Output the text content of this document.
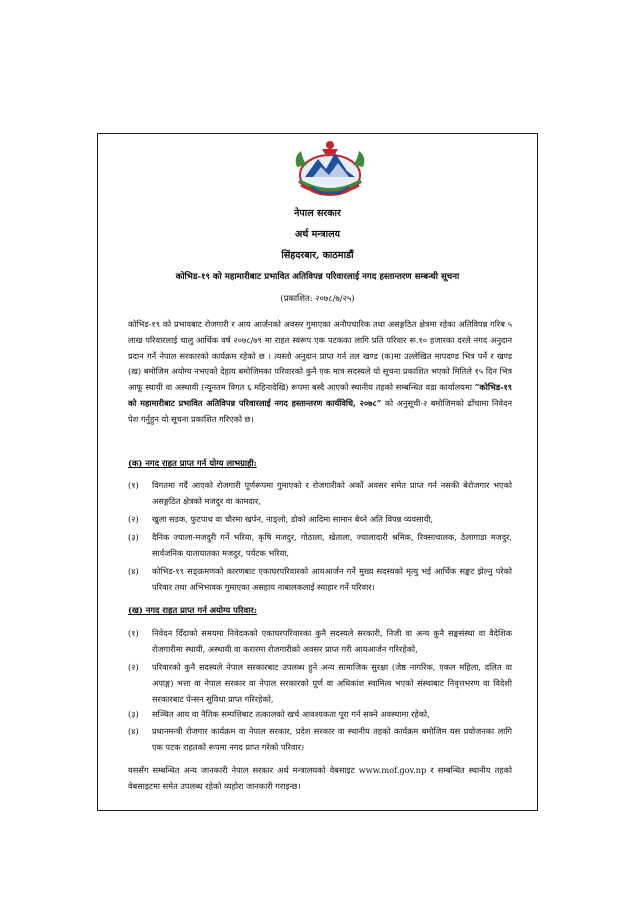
नेपाल सरकार
अर्थ मन्त्रालय
सिंहदरबार, काठमाडौं
कोभिड-१९ को महामारीबाट प्रभावित अतिविपन्न परिवारलाई नगद हस्तान्तरण सम्बन्धी सूचना
(प्रकाशित: २०७८/७/२५)

कोभिड-१९ को प्रभावबाट रोजगारी र आय आर्जनको अवसर गुमाएका अनौपचारिक तथा असङ्गठित क्षेत्रमा रहेका अतिविपन्न गरिब ५ लाख परिवारलाई चालु आर्थिक वर्ष २०७८/७९ मा राहत स्वरूप एक पटकका लागि प्रति परिवार रू.१० हजारका दरले नगद अनुदान प्रदान गर्ने नेपाल सरकारको कार्यक्रम रहेको छ । त्यस्तो अनुदान प्राप्त गर्न तल खण्ड (क)मा उल्लेखित मापदण्ड भित्र पर्ने र खण्ड (ख) बमोजिम अयोग्य नभएको देहाय बमोजिमका परिवारको कुनै एक मात्र सदस्यले यो सूचना प्रकाशित भएको मितिले १५ दिन भित्र आफू स्थायी वा अस्थायी (न्यूनतम विगत ६ महिनादेखि) रूपमा बस्दै आएको स्थानीय तहको सम्बन्धित वडा कार्यालयमा “कोभिड-१९ को महामारीबाट प्रभावित अतिविपन्न परिवारलाई नगद हस्तान्तरण कार्यविधि, २०७८” को अनुसूची-२ बमोजिमको ढाँचामा निवेदन पेश गर्नुहुन यो सूचना प्रकाशित गरिएको छ।

(क) नगद राहत प्राप्त गर्न योग्य लाभग्राही:
(१)	विगतमा गर्दै आएको रोजगारी पूर्णरूपमा गुमाएको र रोजगारीको अर्को अवसर समेत प्राप्त गर्न नसकी बेरोजगार भएको असङ्गठित क्षेत्रको मजदुर वा कामदार,
(२)	खुला सडक, फुटपाथ वा चौरमा खर्पन, नाङ्लो, डोको आदिमा सामान बेच्ने अति विपन्न व्यवसायी,
(३)	दैनिक ज्याला-मजदुरी गर्ने भरिया, कृषि मजदुर, गोठाला, खेताला, ज्यालादारी श्रमिक, रिक्साचालक, ठेलागाडा मजदुर, सार्वजनिक यातायातका मजदुर, पर्यटक भरिया,
(४)	कोभिड-१९ सङ्क्रमणको कारणबाट एकाघरपरिवारको आयआर्जन गर्ने मुख्य सदस्यको मृत्यु भई आर्थिक सङ्कट झेल्नु परेको परिवार तथा अभिभावक गुमाएका असहाय नाबालकलाई स्याहार गर्ने परिवार।
(ख) नगद राहत प्राप्त गर्न अयोग्य परिवार:
(१)	निवेदन दिँदाको समयमा निवेदकको एकाघरपरिवारका कुनै सदस्यले सरकारी, निजी वा अन्य कुनै सङ्घसंस्था वा वैदेशिक रोजगारीमा स्थायी, अस्थायी वा करारमा रोजगारीको अवसर प्राप्त गरी आयआर्जन गरिरहेको,
(२)	परिवारको कुनै सदस्यले नेपाल सरकारबाट उपलब्ध हुने अन्य सामाजिक सुरक्षा (जेष्ठ नागरिक, एकल महिला, दलित वा अपाङ्ग) भत्ता वा नेपाल सरकार वा नेपाल सरकारको पूर्ण वा अधिकांश स्वामित्व भएको संस्थाबाट निवृत्तभरण वा विदेशी सरकारबाट पेन्सन सुविधा प्राप्त गरिरहेको,
(३)	सञ्चित आय वा नैतिक सम्पत्तिबाट तत्कालको खर्च आवश्यकता पूरा गर्न सक्ने अवस्थामा रहेको,
(४)	प्रधानमन्त्री रोजगार कार्यक्रम वा नेपाल सरकार, प्रदेश सरकार वा स्थानीय तहको कार्यक्रम बमोजिम यस प्रयोजनका लागि एक पटक राहतको रूपमा नगद प्राप्त गरेको परिवार।

यससँग सम्बन्धित अन्य जानकारी नेपाल सरकार अर्थ मन्त्रालयको वेबसाइट www.mof.gov.np र सम्बन्धित स्थानीय तहको वेबसाइटमा समेत उपलब्ध रहेको व्यहोरा जानकारी गराइन्छ।
